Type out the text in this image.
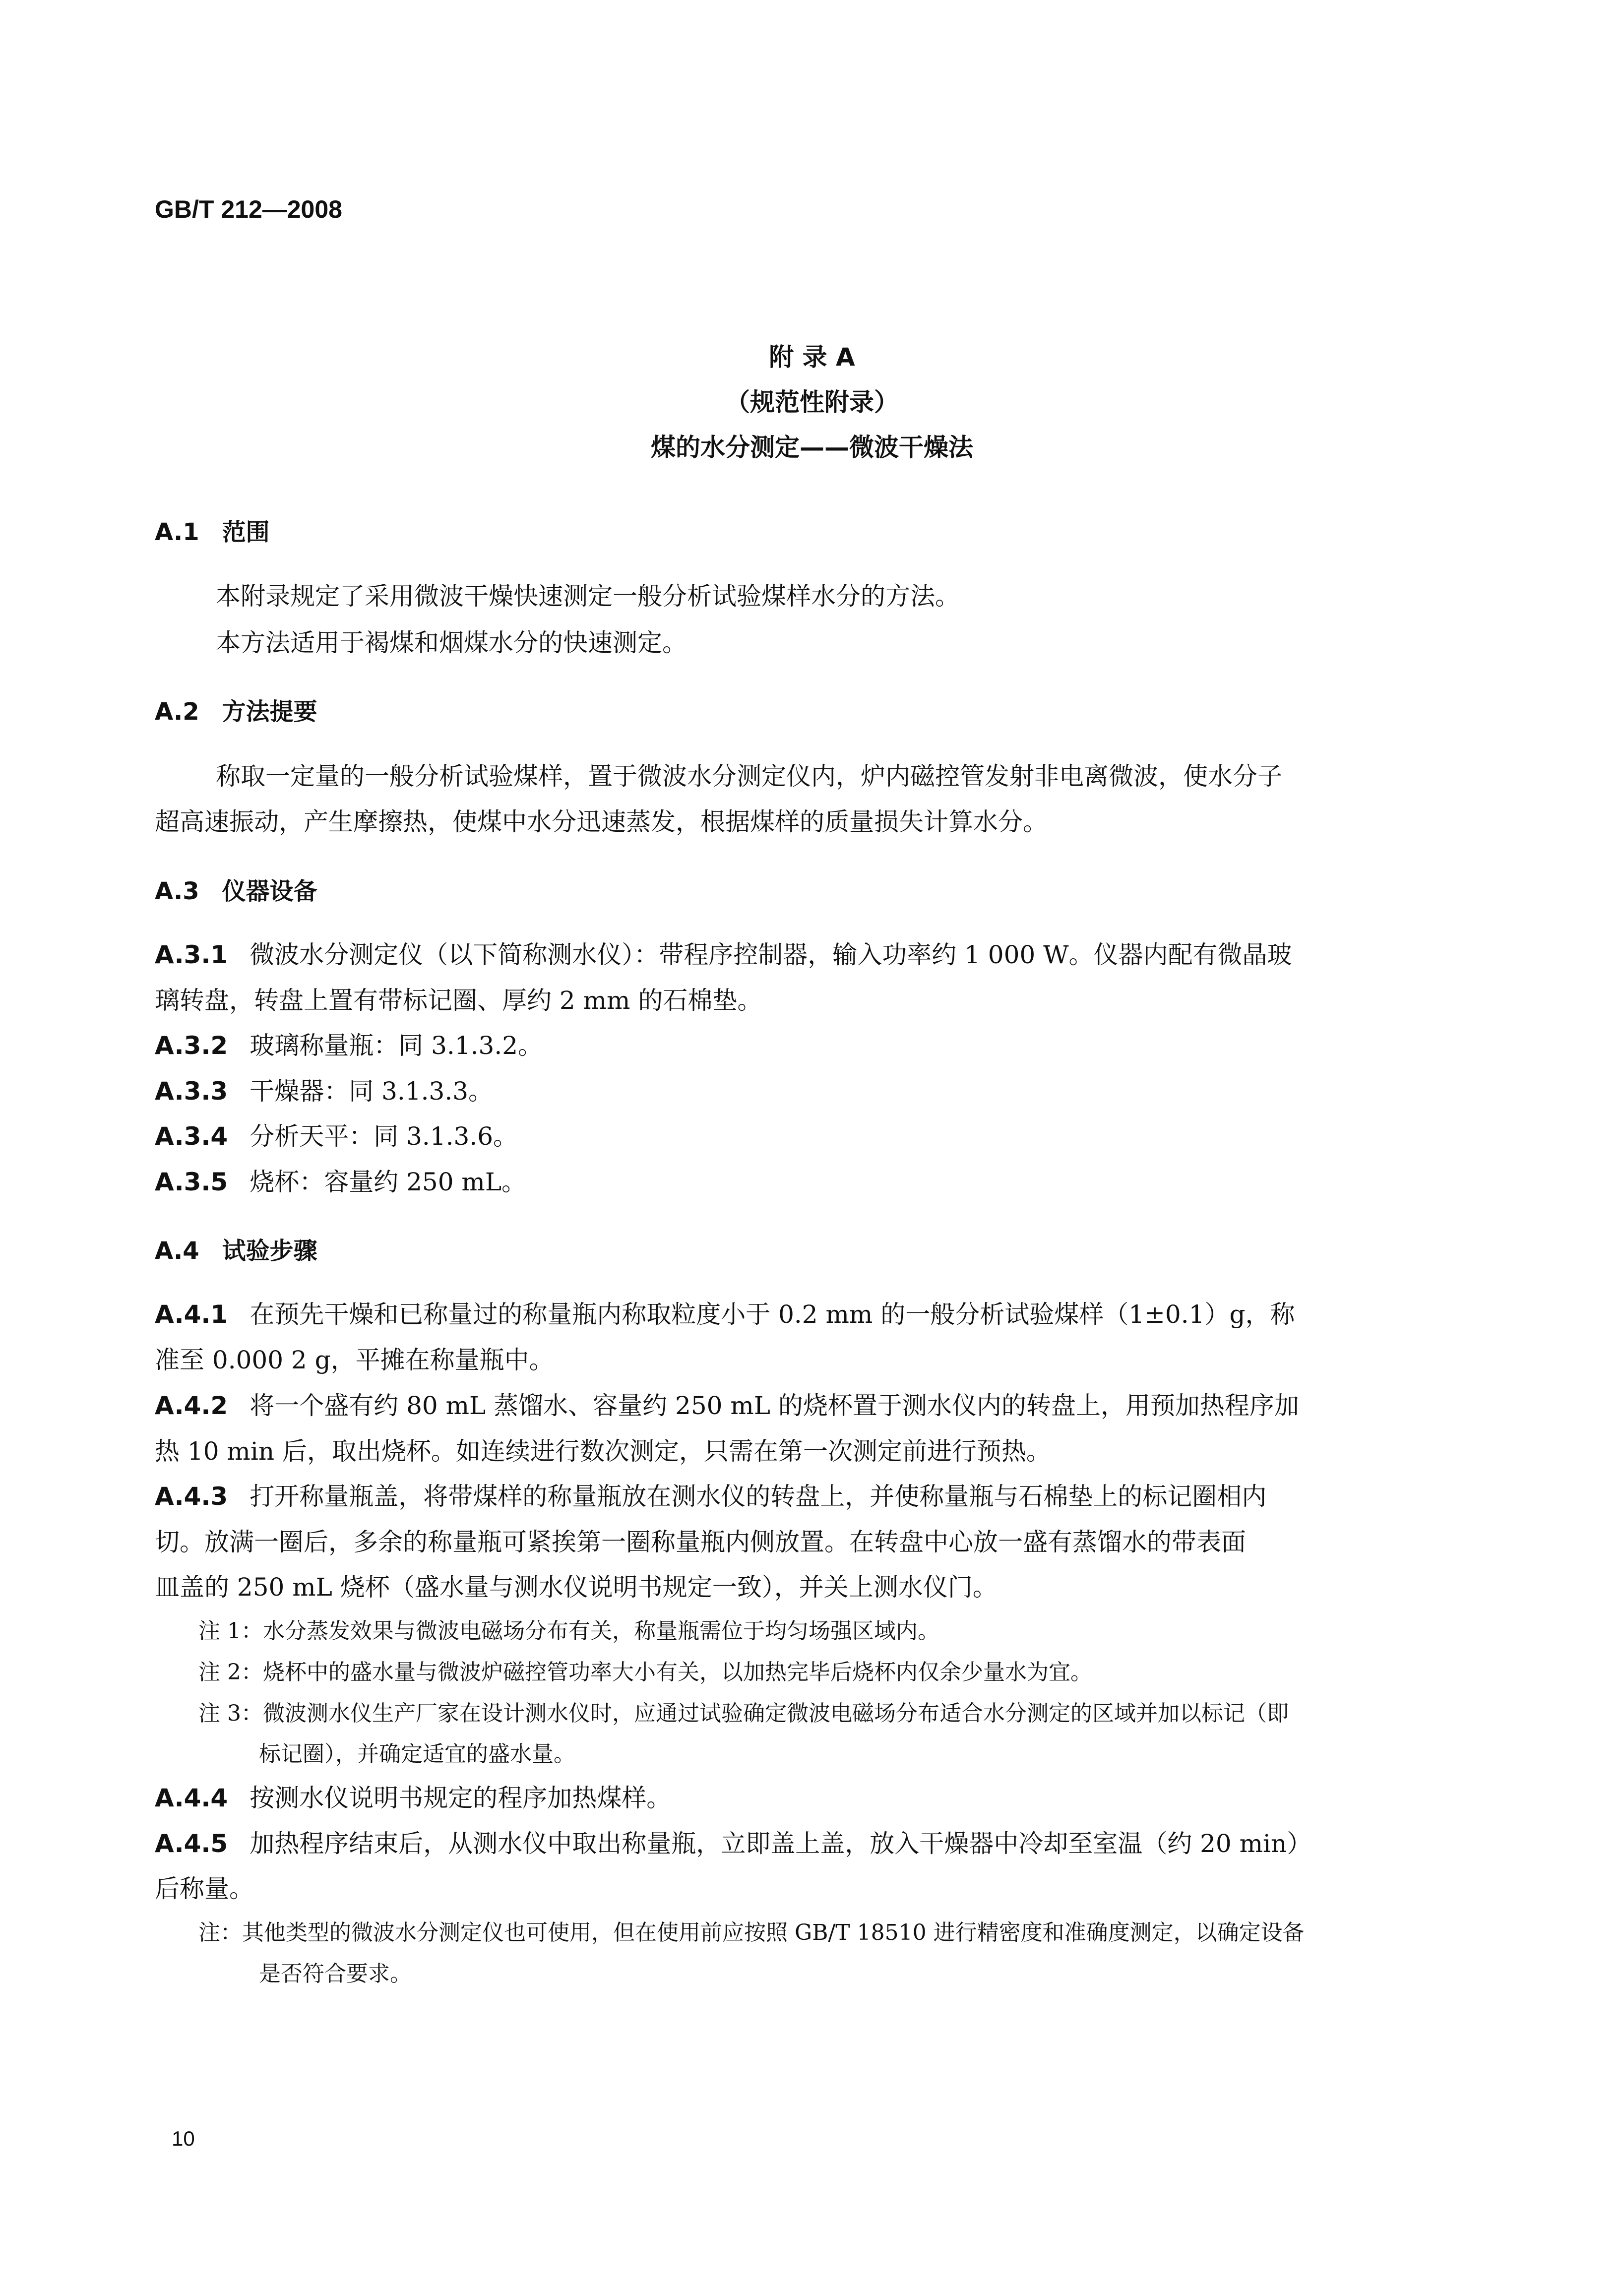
GB/T 212—2008
附 录 A
（规范性附录）
煤的水分测定——微波干燥法
A.1 范围
本附录规定了采用微波干燥快速测定一般分析试验煤样水分的方法。
本方法适用于褐煤和烟煤水分的快速测定。
A.2 方法提要
称取一定量的一般分析试验煤样，置于微波水分测定仪内，炉内磁控管发射非电离微波，使水分子
超高速振动，产生摩擦热，使煤中水分迅速蒸发，根据煤样的质量损失计算水分。
A.3 仪器设备
A.3.1 微波水分测定仪（以下简称测水仪）：带程序控制器，输入功率约 1 000 W。仪器内配有微晶玻
璃转盘，转盘上置有带标记圈、厚约 2 mm 的石棉垫。
A.3.2 玻璃称量瓶：同 3.1.3.2。
A.3.3 干燥器：同 3.1.3.3。
A.3.4 分析天平：同 3.1.3.6。
A.3.5 烧杯：容量约 250 mL。
A.4 试验步骤
A.4.1 在预先干燥和已称量过的称量瓶内称取粒度小于 0.2 mm 的一般分析试验煤样（1±0.1）g，称
准至 0.000 2 g，平摊在称量瓶中。
A.4.2 将一个盛有约 80 mL 蒸馏水、容量约 250 mL 的烧杯置于测水仪内的转盘上，用预加热程序加
热 10 min 后，取出烧杯。如连续进行数次测定，只需在第一次测定前进行预热。
A.4.3 打开称量瓶盖，将带煤样的称量瓶放在测水仪的转盘上，并使称量瓶与石棉垫上的标记圈相内
切。放满一圈后，多余的称量瓶可紧挨第一圈称量瓶内侧放置。在转盘中心放一盛有蒸馏水的带表面
皿盖的 250 mL 烧杯（盛水量与测水仪说明书规定一致），并关上测水仪门。
注 1：水分蒸发效果与微波电磁场分布有关，称量瓶需位于均匀场强区域内。
注 2：烧杯中的盛水量与微波炉磁控管功率大小有关，以加热完毕后烧杯内仅余少量水为宜。
注 3：微波测水仪生产厂家在设计测水仪时，应通过试验确定微波电磁场分布适合水分测定的区域并加以标记（即
标记圈），并确定适宜的盛水量。
A.4.4 按测水仪说明书规定的程序加热煤样。
A.4.5 加热程序结束后，从测水仪中取出称量瓶，立即盖上盖，放入干燥器中冷却至室温（约 20 min）
后称量。
注：其他类型的微波水分测定仪也可使用，但在使用前应按照 GB/T 18510 进行精密度和准确度测定，以确定设备
是否符合要求。
10
